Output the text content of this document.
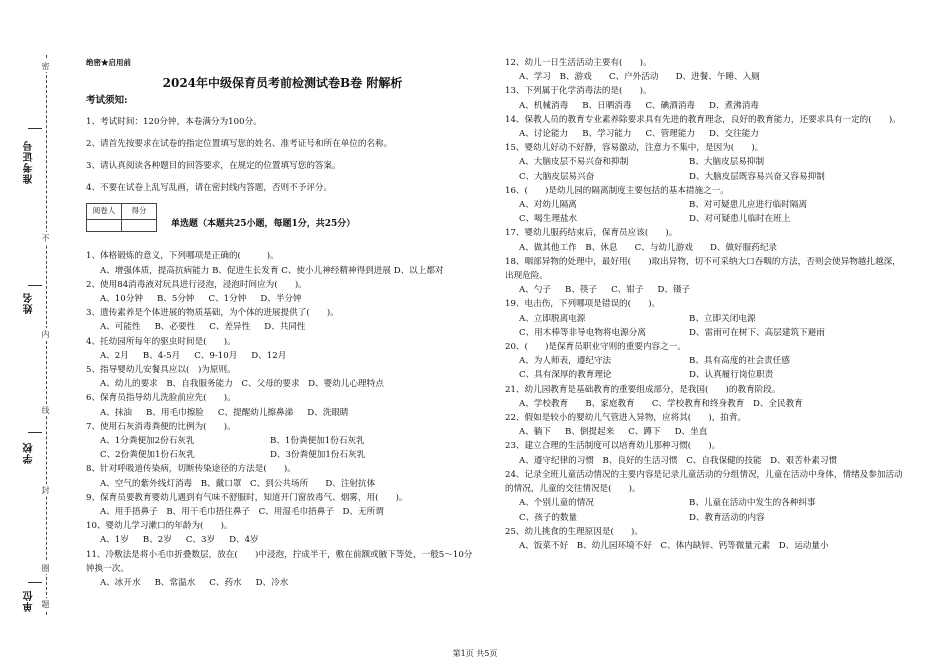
准考证号
姓名
学校
单位
密
不
内
线
封
圈
题
绝密★启用前
2024年中级保育员考前检测试卷B卷 附解析
考试须知:
1、考试时间：120分钟，本卷满分为100分。
2、请首先按要求在试卷的指定位置填写您的姓名、准考证号和所在单位的名称。
3、请认真阅读各种题目的回答要求，在规定的位置填写您的答案。
4、不要在试卷上乱写乱画，请在密封线内答题，否则不予评分。
阅卷人	得分

单选题（本题共25小题，每题1分，共25分）
1、体格锻炼的意义，下列哪项是正确的(　　　)。
A、增强体质，提高抗病能力 B、促进生长发育 C、使小儿神经精神得到进展 D、以上都对
2、使用84消毒液对玩具进行浸泡，浸泡时间应为(　　)。
A、10分钟 B、5分钟 C、1分钟 D、半分钟
3、遗传素养是个体进展的物质基础，为个体的进展提供了(　　)。
A、可能性 B、必要性 C、差异性 D、共同性
4、托幼园所每年的驱虫时间是(　　)。
A、2月 B、4-5月 C、9-10月 D、12月
5、指导婴幼儿安餐具应以(　)为原则。
A、幼儿的要求　B、自我服务能力　C、父母的要求　D、婴幼儿心理特点
6、保育员指导幼儿洗脸前应先(　　)。
A、抹油 B、用毛巾擦脸 C、提醒幼儿擦鼻涕 D、洗眼睛
7、使用石灰消毒粪便的比例为(　　)。
A、1分粪便加2份石灰乳	B、1份粪便加1份石灰乳
C、2份粪便加1份石灰乳	D、3份粪便加1份石灰乳
8、针对呼吸道传染病，切断传染途径的方法是(　　)。
A、空气的紫外线灯消毒　B、戴口罩　C、到公共场所　　D、注射抗体
9、保育员要教育婴幼儿遇到有气味不舒服时，知道开门窗放毒气、烟雾，用(　　)。
A、用手捂鼻子　B、用干毛巾捂住鼻子　C、用湿毛巾捂鼻子　D、无所谓
10、婴幼儿学习漱口的年龄为(　　)。
A、1岁 B、2岁 C、3岁 D、4岁
11、冷敷法是将小毛巾折叠数层，放在(　　)中浸泡，拧成半干，敷在前额或腋下等处，一般5～10分钟换一次。
A、冰开水 B、常温水 C、药水 D、冷水
12、幼儿一日生活活动主要有(　　)。
A、学习　B、游戏　　C、户外活动　　D、进餐、午睡、入厕
13、下列属于化学消毒法的是(　　)。
A、机械消毒 B、日晒消毒 C、碘酒消毒 D、煮沸消毒
14、保教人员的教育专业素养除要求具有先进的教育理念，良好的教育能力，还要求具有一定的(　　)。
A、讨论能力 B、学习能力 C、管理能力 D、交往能力
15、婴幼儿好动不好静，容易激动，注意力不集中，是因为(　　)。
A、大脑皮层不易兴奋和抑制	B、大脑皮层易抑制
C、大脑皮层易兴奋	D、大脑皮层既容易兴奋又容易抑制
16、(　　)是幼儿园的隔离制度主要包括的基本措施之一。
A、对幼儿隔离	B、对可疑患儿应进行临时隔离
C、喝生理盐水	D、对可疑患儿临时在班上
17、婴幼儿服药结束后，保育员应该(　　)。
A、做其他工作　B、休息　　C、与幼儿游戏　　D、做好服药纪录
18、咽部异物的处理中，最好用(　　)取出异物，切不可采纳大口吞咽的方法，否则会使异物越扎越深，出现危险。
A、勺子 B、筷子 C、钳子 D、镊子
19、电击伤，下列哪项是错误的(　　)。
A、立即脱离电源	B、立即关闭电源
C、用木棒等非导电物将电源分离	D、雷雨可在树下、高层建筑下避雨
20、(　　)是保育员职业守则的重要内容之一。
A、为人师表，遵纪守法	B、具有高度的社会责任感
C、具有深厚的教育理论	D、认真履行岗位职责
21、幼儿园教育是基础教育的重要组成部分，是我国(　　)的教育阶段。
A、学校教育　　B、家庭教育　　C、学校教育和终身教育　D、全民教育
22、假如是较小的婴幼儿气管进入异物，应将其(　　)，拍背。
A、躺下 B、倒提起来 C、蹲下 D、坐直
23、建立合理的生活制度可以培育幼儿那种习惯(　　)。
A、遵守纪律的习惯　B、良好的生活习惯　C、自我保健的技能　D、艰苦朴素习惯
24、记录全班儿童活动情况的主要内容是记录儿童活动的分组情况，儿童在活动中身体，情绪及参加活动的情况，儿童的交往情况是(　　)。
A、个别儿童的情况	B、儿童在活动中发生的各种纠事
C、孩子的数量	D、教育活动的内容
25、幼儿挑食的生理原因是(　　)。
A、饭菜不好　B、幼儿园环境不好　C、体内缺锌、钙等微量元素　D、运动量小
第1页 共5页
